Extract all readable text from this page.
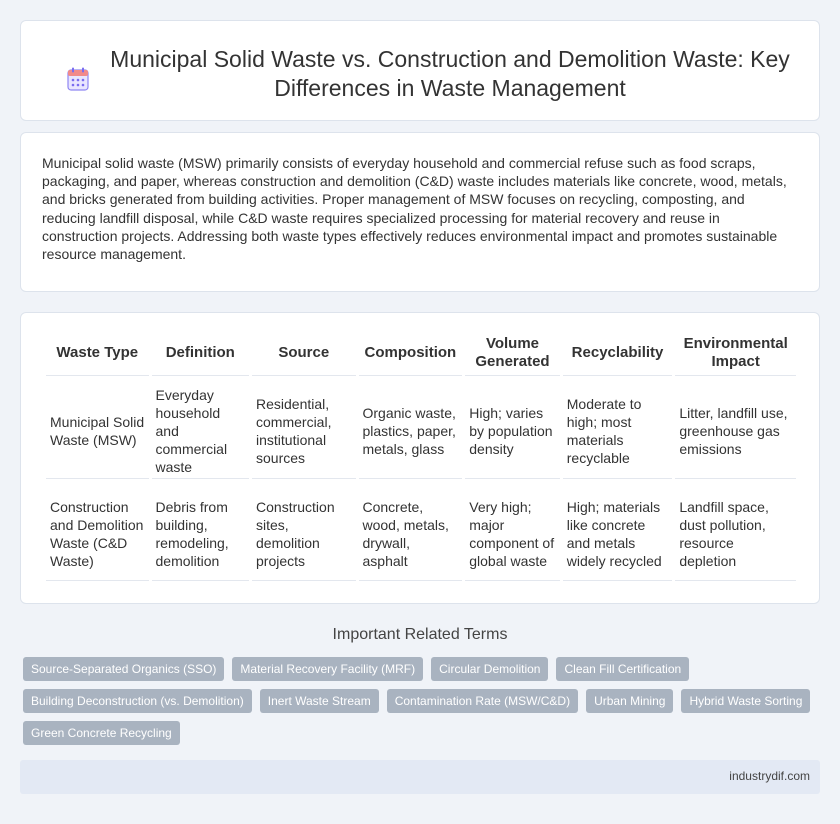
Municipal Solid Waste vs. Construction and Demolition Waste: Key Differences in Waste Management

Municipal solid waste (MSW) primarily consists of everyday household and commercial refuse such as food scraps, packaging, and paper, whereas construction and demolition (C&D) waste includes materials like concrete, wood, metals, and bricks generated from building activities. Proper management of MSW focuses on recycling, composting, and reducing landfill disposal, while C&D waste requires specialized processing for material recovery and reuse in construction projects. Addressing both waste types effectively reduces environmental impact and promotes sustainable resource management.

Waste Type	Definition	Source	Composition	Volume Generated	Recyclability	Environmental Impact
Municipal Solid Waste (MSW)	Everyday household and commercial waste	Residential, commercial, institutional sources	Organic waste, plastics, paper, metals, glass	High; varies by population density	Moderate to high; most materials recyclable	Litter, landfill use, greenhouse gas emissions
Construction and Demolition Waste (C&D Waste)	Debris from building, remodeling, demolition	Construction sites, demolition projects	Concrete, wood, metals, drywall, asphalt	Very high; major component of global waste	High; materials like concrete and metals widely recycled	Landfill space, dust pollution, resource depletion
Important Related Terms
Source-Separated Organics (SSO)	Material Recovery Facility (MRF)	Circular Demolition	Clean Fill Certification
Building Deconstruction (vs. Demolition)	Inert Waste Stream	Contamination Rate (MSW/C&D)	Urban Mining	Hybrid Waste Sorting
Green Concrete Recycling
industrydif.com
